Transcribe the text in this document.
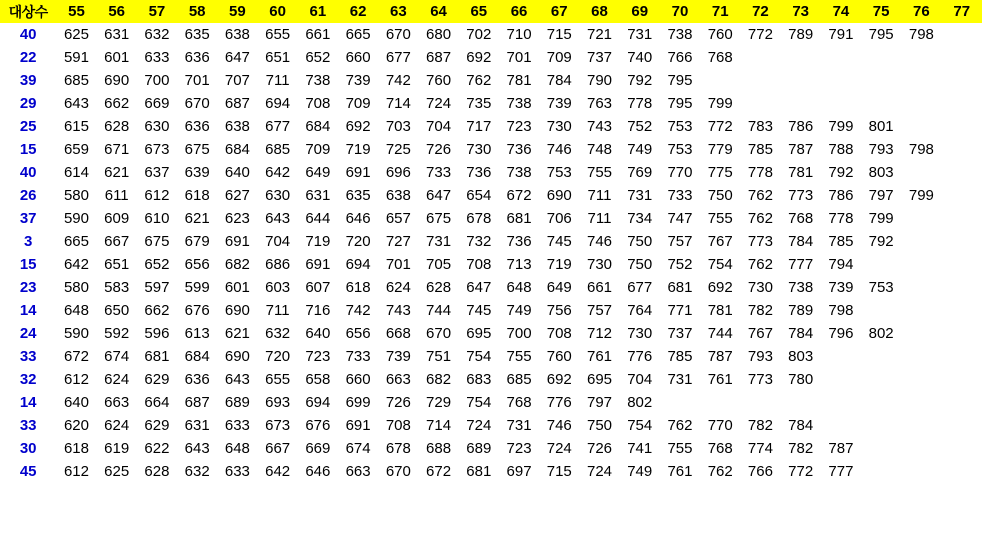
대상수	55	56	57	58	59	60	61	62	63	64	65	66	67	68	69	70	71	72	73	74	75	76	77
40	625	631	632	635	638	655	661	665	670	680	702	710	715	721	731	738	760	772	789	791	795	798	
22	591	601	633	636	647	651	652	660	677	687	692	701	709	737	740	766	768						
39	685	690	700	701	707	711	738	739	742	760	762	781	784	790	792	795							
29	643	662	669	670	687	694	708	709	714	724	735	738	739	763	778	795	799						
25	615	628	630	636	638	677	684	692	703	704	717	723	730	743	752	753	772	783	786	799	801		
15	659	671	673	675	684	685	709	719	725	726	730	736	746	748	749	753	779	785	787	788	793	798	
40	614	621	637	639	640	642	649	691	696	733	736	738	753	755	769	770	775	778	781	792	803		
26	580	611	612	618	627	630	631	635	638	647	654	672	690	711	731	733	750	762	773	786	797	799	
37	590	609	610	621	623	643	644	646	657	675	678	681	706	711	734	747	755	762	768	778	799		
3	665	667	675	679	691	704	719	720	727	731	732	736	745	746	750	757	767	773	784	785	792		
15	642	651	652	656	682	686	691	694	701	705	708	713	719	730	750	752	754	762	777	794			
23	580	583	597	599	601	603	607	618	624	628	647	648	649	661	677	681	692	730	738	739	753		
14	648	650	662	676	690	711	716	742	743	744	745	749	756	757	764	771	781	782	789	798			
24	590	592	596	613	621	632	640	656	668	670	695	700	708	712	730	737	744	767	784	796	802		
33	672	674	681	684	690	720	723	733	739	751	754	755	760	761	776	785	787	793	803				
32	612	624	629	636	643	655	658	660	663	682	683	685	692	695	704	731	761	773	780				
14	640	663	664	687	689	693	694	699	726	729	754	768	776	797	802								
33	620	624	629	631	633	673	676	691	708	714	724	731	746	750	754	762	770	782	784				
30	618	619	622	643	648	667	669	674	678	688	689	723	724	726	741	755	768	774	782	787			
45	612	625	628	632	633	642	646	663	670	672	681	697	715	724	749	761	762	766	772	777			
